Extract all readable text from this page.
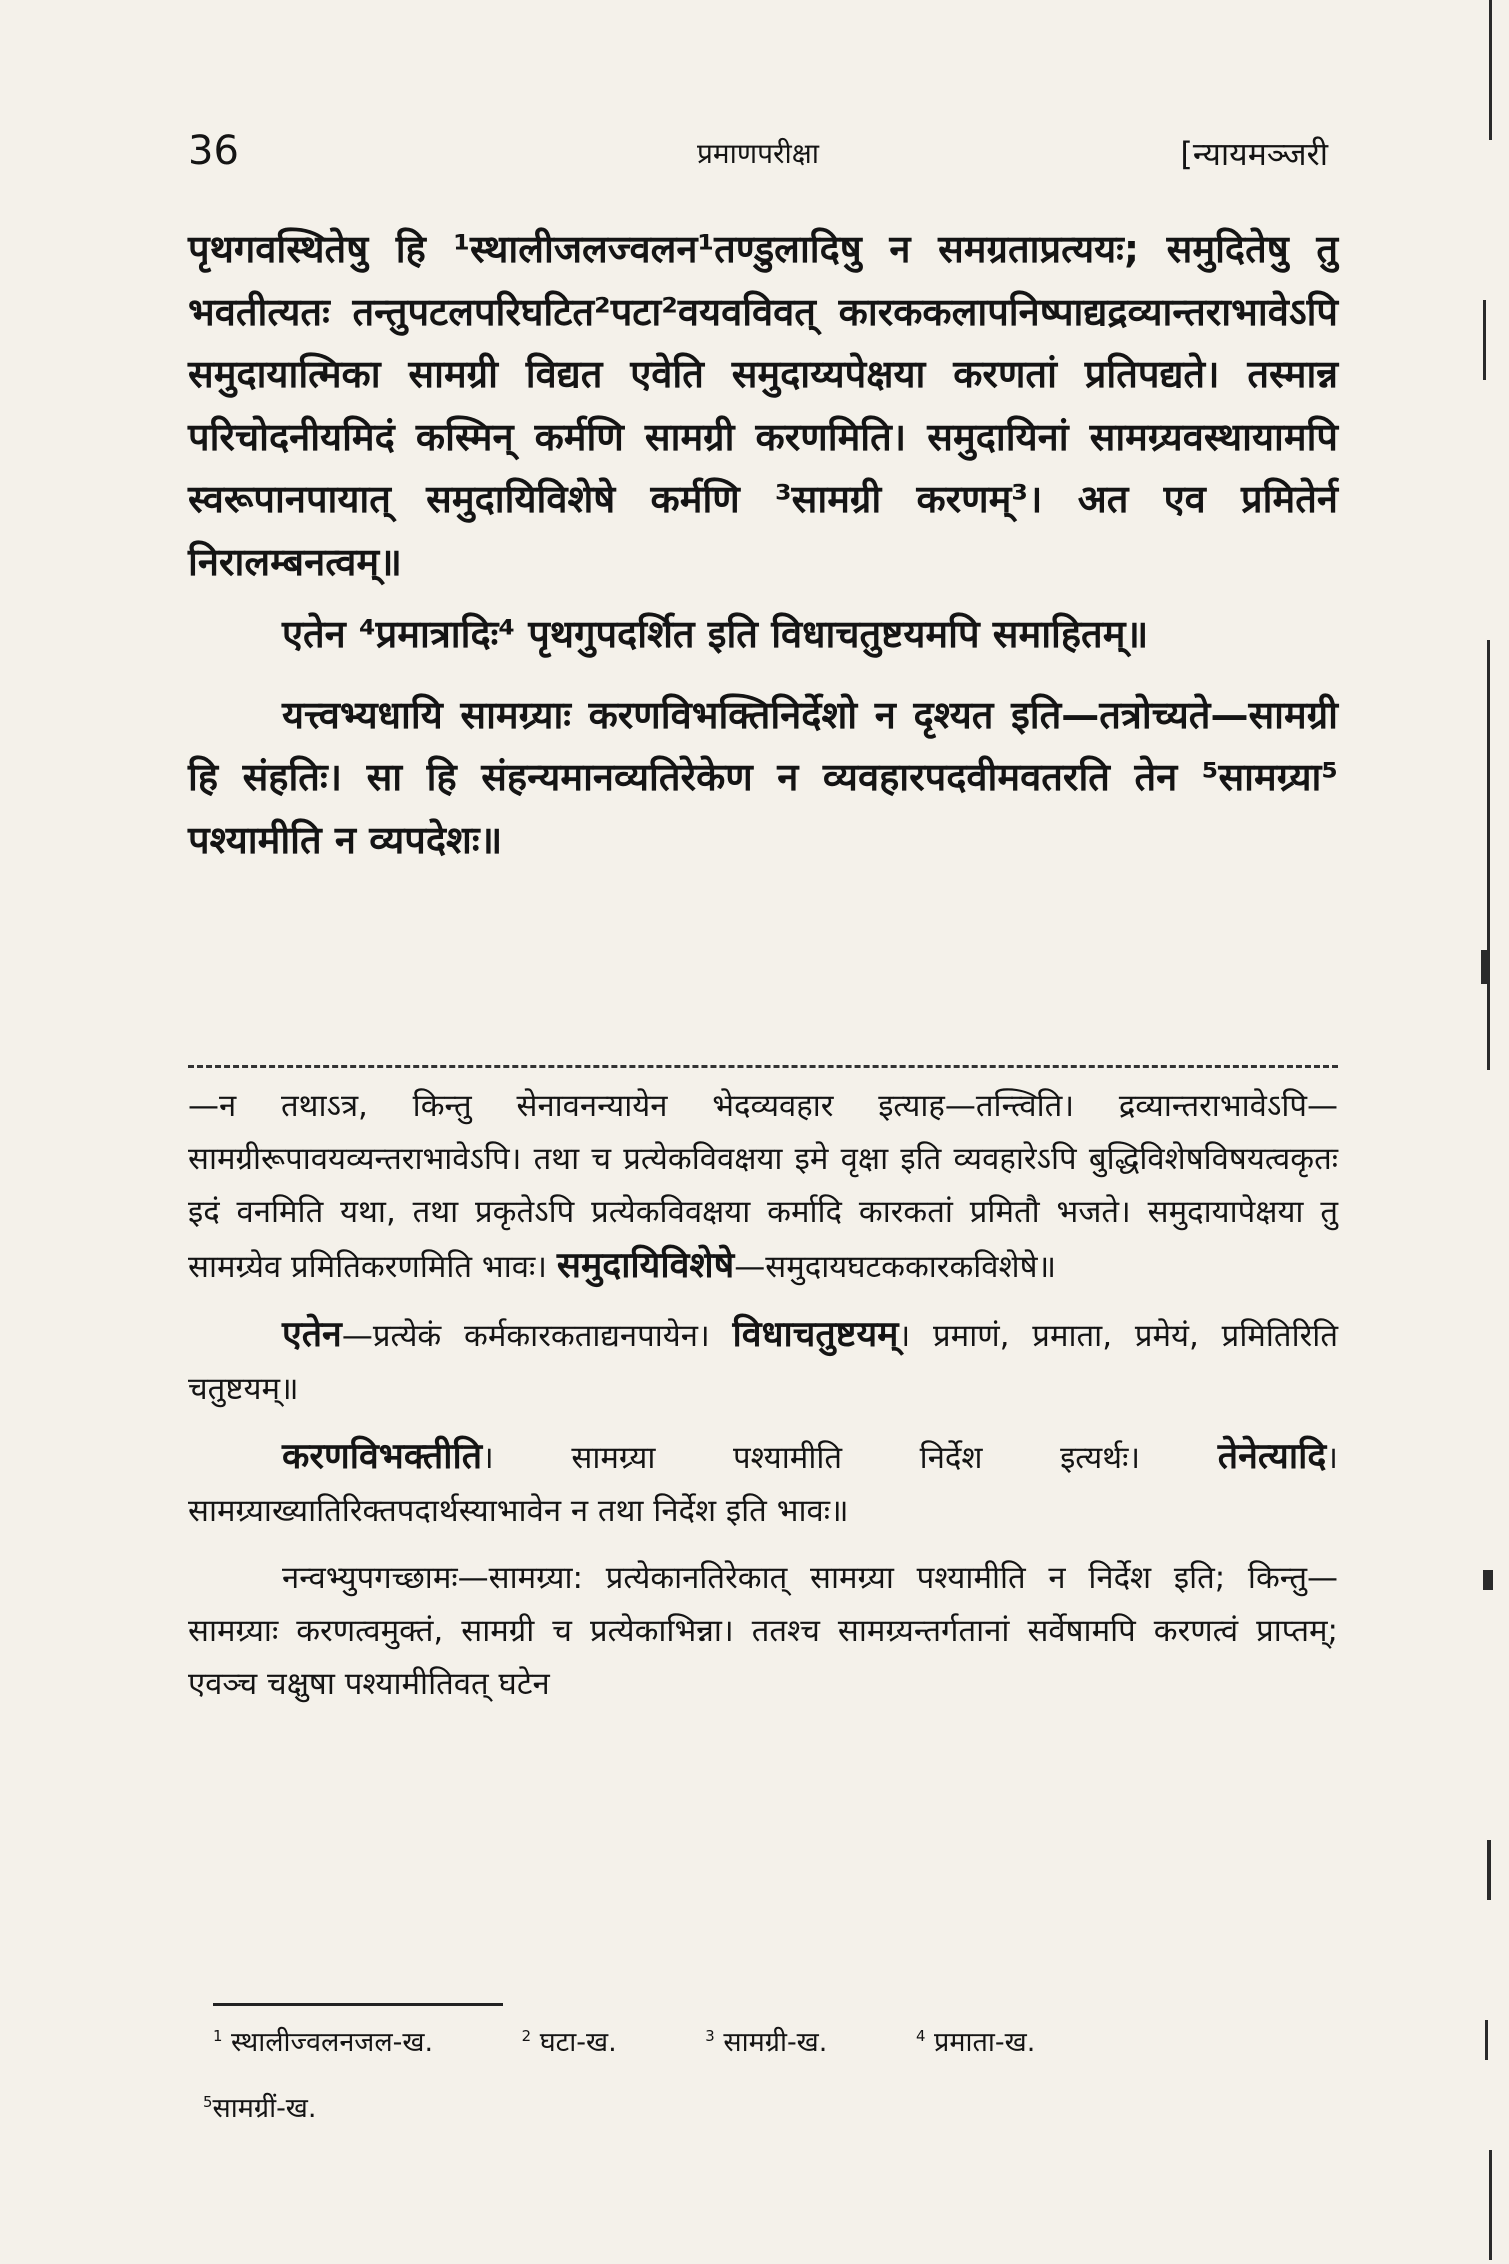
36	प्रमाणपरीक्षा	[न्यायमञ्जरी

पृथगवस्थितेषु हि ¹स्थालीजलज्वलन¹तण्डुलादिषु न समग्रताप्रत्ययः; समुदितेषु तु भवतीत्यतः तन्तुपटलपरिघटित²पटा²वयवविवत् कारककलापनिष्पाद्यद्रव्यान्तराभावेऽपि समुदायात्मिका सामग्री विद्यत एवेति समुदाय्यपेक्षया करणतां प्रतिपद्यते। तस्मान्न परिचोदनीयमिदं कस्मिन् कर्मणि सामग्री करणमिति। समुदायिनां सामग्र्यवस्थायामपि स्वरूपानपायात् समुदायिविशेषे कर्मणि ³सामग्री करणम्³। अत एव प्रमितेर्न निरालम्बनत्वम्॥

एतेन ⁴प्रमात्रादिः⁴ पृथगुपदर्शित इति विधाचतुष्टयमपि समाहितम्॥

यत्त्वभ्यधायि सामग्र्याः करणविभक्तिनिर्देशो न दृश्यत इति—तत्रोच्यते—सामग्री हि संहतिः। सा हि संहन्यमानव्यतिरेकेण न व्यवहारपदवीमवतरति तेन ⁵सामग्र्या⁵ पश्यामीति न व्यपदेशः॥

—न तथाऽत्र, किन्तु सेनावनन्यायेन भेदव्यवहार इत्याह—तन्त्विति। द्रव्यान्तराभावेऽपि—सामग्रीरूपावयव्यन्तराभावेऽपि। तथा च प्रत्येकविवक्षया इमे वृक्षा इति व्यवहारेऽपि बुद्धिविशेषविषयत्वकृतः इदं वनमिति यथा, तथा प्रकृतेऽपि प्रत्येकविवक्षया कर्मादि कारकतां प्रमितौ भजते। समुदायापेक्षया तु सामग्र्येव प्रमितिकरणमिति भावः। समुदायिविशेषे—समुदायघटककारकविशेषे॥

एतेन—प्रत्येकं कर्मकारकताद्यनपायेन। विधाचतुष्टयम्। प्रमाणं, प्रमाता, प्रमेयं, प्रमितिरिति चतुष्टयम्॥

करणविभक्तीति। सामग्र्या पश्यामीति निर्देश इत्यर्थः। तेनेत्यादि। सामग्र्याख्यातिरिक्तपदार्थस्याभावेन न तथा निर्देश इति भावः॥

नन्वभ्युपगच्छामः—सामग्र्या: प्रत्येकानतिरेकात् सामग्र्या पश्यामीति न निर्देश इति; किन्तु—सामग्र्याः करणत्वमुक्तं, सामग्री च प्रत्येकाभिन्ना। ततश्च सामग्र्यन्तर्गतानां सर्वेषामपि करणत्वं प्राप्तम्; एवञ्च चक्षुषा पश्यामीतिवत् घटेन

$^1$ स्थालीज्वलनजल-ख.	$^2$ घटा-ख.	$^3$ सामग्री-ख.	$^4$ प्रमाता-ख.
$^5$सामग्रीं-ख.
